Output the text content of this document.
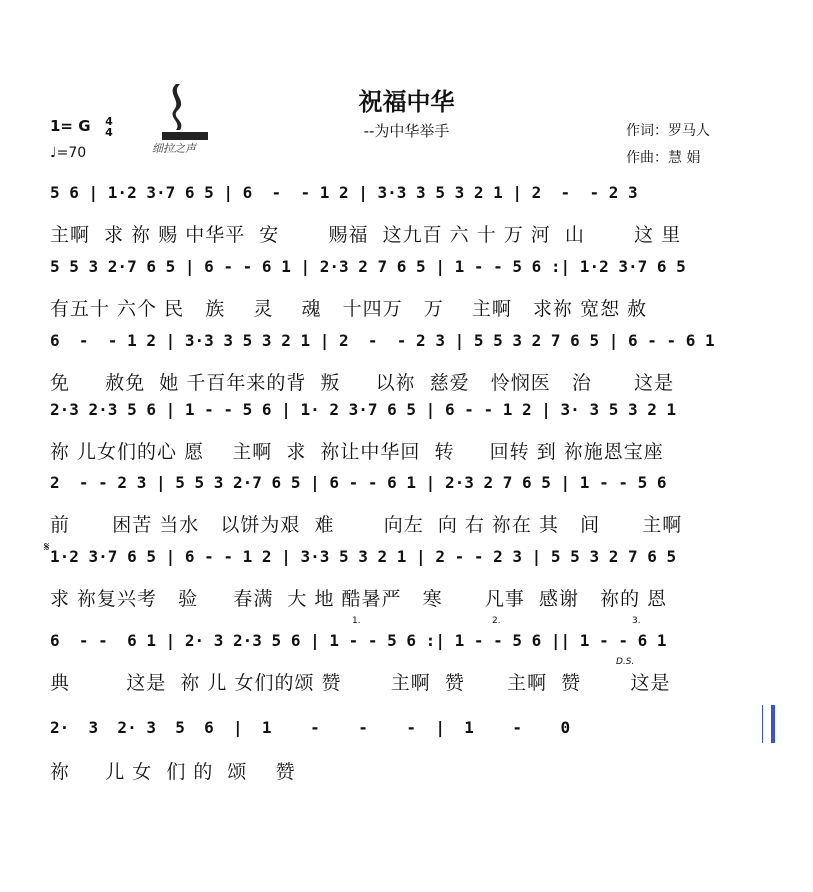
细拉之声
祝福中华
--为中华举手	作词：罗马人
作曲：慧 娟
1= G 4
4
♩=70
5 6 | 1·2 3·7 6 5 | 6  -  - 1 2 | 3·3 3 5 3 2 1 | 2  -  - 2 3
主啊  求 祢 赐 中华平  安       赐福  这九百 六 十 万 河  山       这 里
5 5 3 2·7 6 5 | 6 - - 6 1 | 2·3 2 7 6 5 | 1 - - 5 6 :| 1·2 3·7 6 5
有五十 六个 民   族    灵    魂   十四万   万    主啊   求祢 宽恕 赦
6  -  - 1 2 | 3·3 3 5 3 2 1 | 2  -  - 2 3 | 5 5 3 2 7 6 5 | 6 - - 6 1
免     赦免  她 千百年来的背  叛     以祢  慈爱   怜悯医   治      这是
2·3 2·3 5 6 | 1 - - 5 6 | 1· 2 3·7 6 5 | 6 - - 1 2 | 3· 3 5 3 2 1
祢 儿女们的心 愿    主啊  求  祢让中华回  转     回转 到 祢施恩宝座
2  - - 2 3 | 5 5 3 2·7 6 5 | 6 - - 6 1 | 2·3 2 7 6 5 | 1 - - 5 6
前      困苦 当水   以饼为艰  难       向左  向 右 祢在 其   间      主啊
𝄋 1·2 3·7 6 5 | 6 - - 1 2 | 3·3 5 3 2 1 | 2 - - 2 3 | 5 5 3 2 7 6 5
求 祢复兴考   验     春满  大 地 酷暑严   寒      凡事  感谢   祢的 恩
1.	2.	3.
6  - -  6 1 | 2· 3 2·3 5 6 | 1 - - 5 6 :| 1 - - 5 6 || 1 - - 6 1
D.S.
典        这是  祢 儿 女们的颂 赞       主啊  赞      主啊  赞       这是
2·  3  2· 3  5  6  |  1    -    -    -  |  1    -    0
祢     儿 女  们 的  颂    赞
